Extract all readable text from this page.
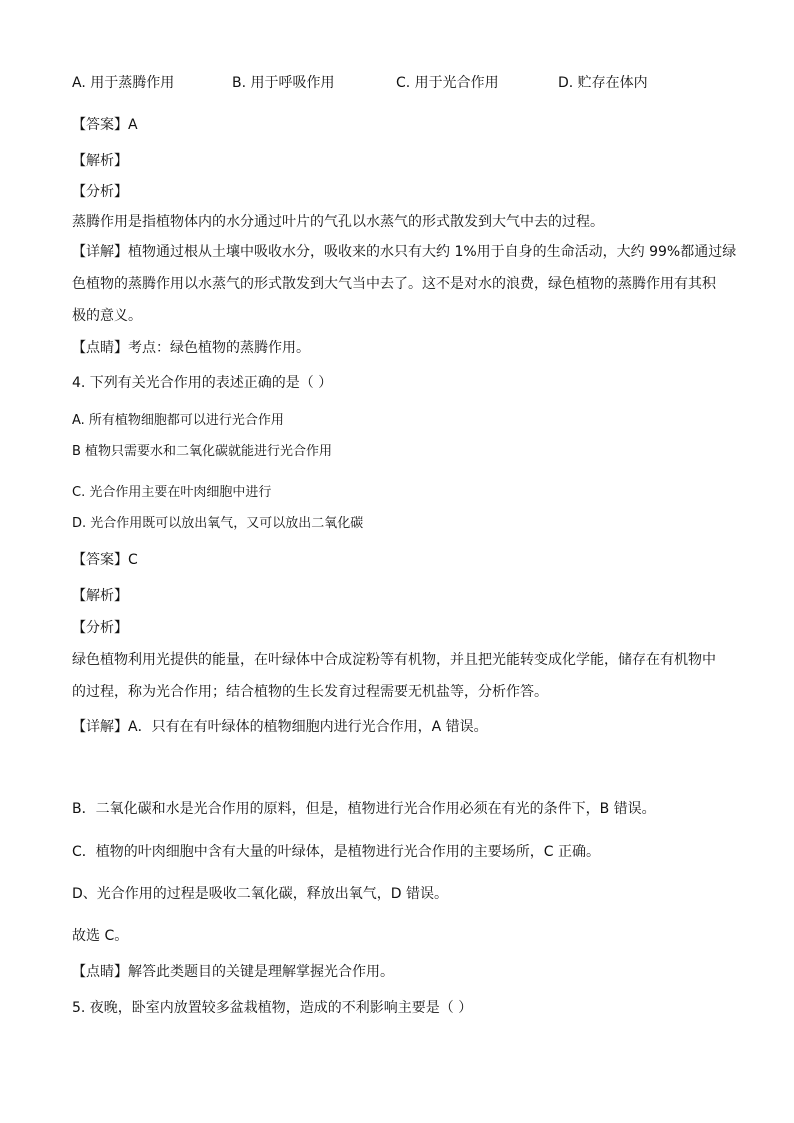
A. 用于蒸腾作用	B. 用于呼吸作用	C. 用于光合作用	D. 贮存在体内
【答案】A
【解析】
【分析】
蒸腾作用是指植物体内的水分通过叶片的气孔以水蒸气的形式散发到大气中去的过程。
【详解】植物通过根从土壤中吸收水分，吸收来的水只有大约 1%用于自身的生命活动，大约 99%都通过绿
色植物的蒸腾作用以水蒸气的形式散发到大气当中去了。这不是对水的浪费，绿色植物的蒸腾作用有其积
极的意义。
【点睛】考点：绿色植物的蒸腾作用。
4. 下列有关光合作用的表述正确的是（ ）
A. 所有植物细胞都可以进行光合作用
B 植物只需要水和二氧化碳就能进行光合作用
C. 光合作用主要在叶肉细胞中进行
D. 光合作用既可以放出氧气，又可以放出二氧化碳
【答案】C
【解析】
【分析】
绿色植物利用光提供的能量，在叶绿体中合成淀粉等有机物，并且把光能转变成化学能，储存在有机物中
的过程，称为光合作用；结合植物的生长发育过程需要无机盐等，分析作答。
【详解】A．只有在有叶绿体的植物细胞内进行光合作用，A 错误。
B．二氧化碳和水是光合作用的原料，但是，植物进行光合作用必须在有光的条件下，B 错误。
C．植物的叶肉细胞中含有大量的叶绿体，是植物进行光合作用的主要场所，C 正确。
D、光合作用的过程是吸收二氧化碳，释放出氧气，D 错误。
故选 C。
【点睛】解答此类题目的关键是理解掌握光合作用。
5. 夜晚，卧室内放置较多盆栽植物，造成的不利影响主要是（ ）
